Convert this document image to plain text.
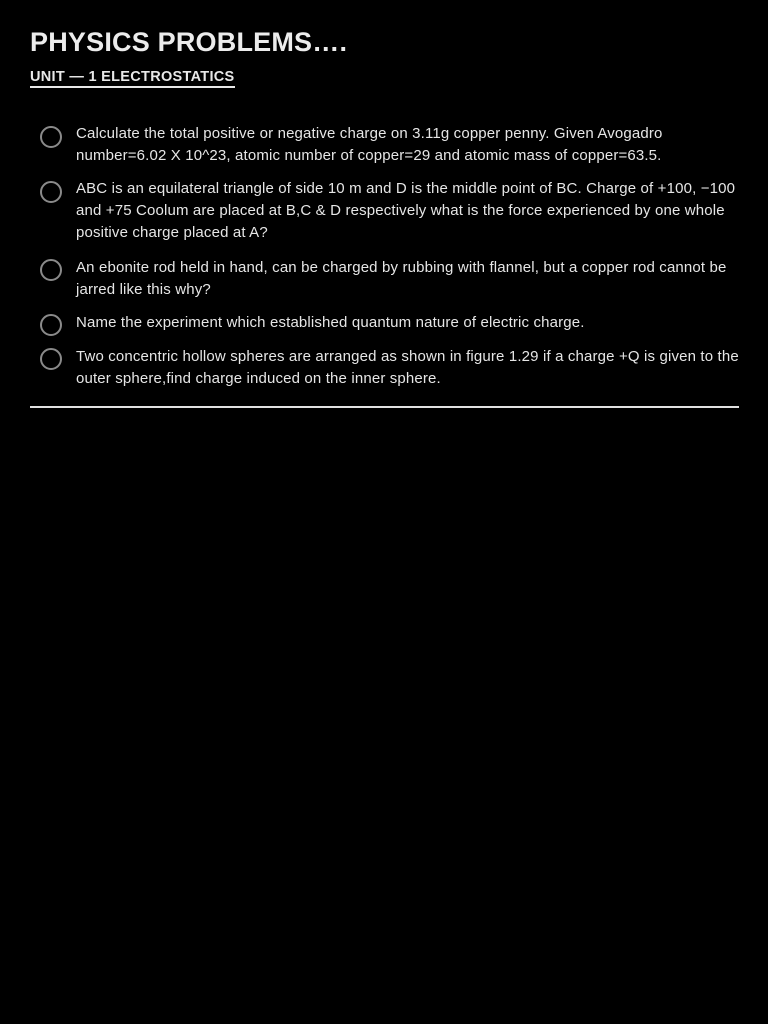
PHYSICS PROBLEMS….
UNIT — 1 ELECTROSTATICS
Calculate the total positive or negative charge on 3.11g copper penny. Given Avogadro number=6.02 X 10^23, atomic number of copper=29 and atomic mass of copper=63.5.
ABC is an equilateral triangle of side 10 m and D is the middle point of BC. Charge of +100, −100 and +75 Coolum are placed at B,C & D respectively what is the force experienced by one whole positive charge placed at A?
An ebonite rod held in hand, can be charged by rubbing with flannel, but a copper rod cannot be jarred like this why?
Name the experiment which established quantum nature of electric charge.
Two concentric hollow spheres are arranged as shown in figure 1.29 if a charge +Q is given to the outer sphere,find charge induced on the inner sphere.
